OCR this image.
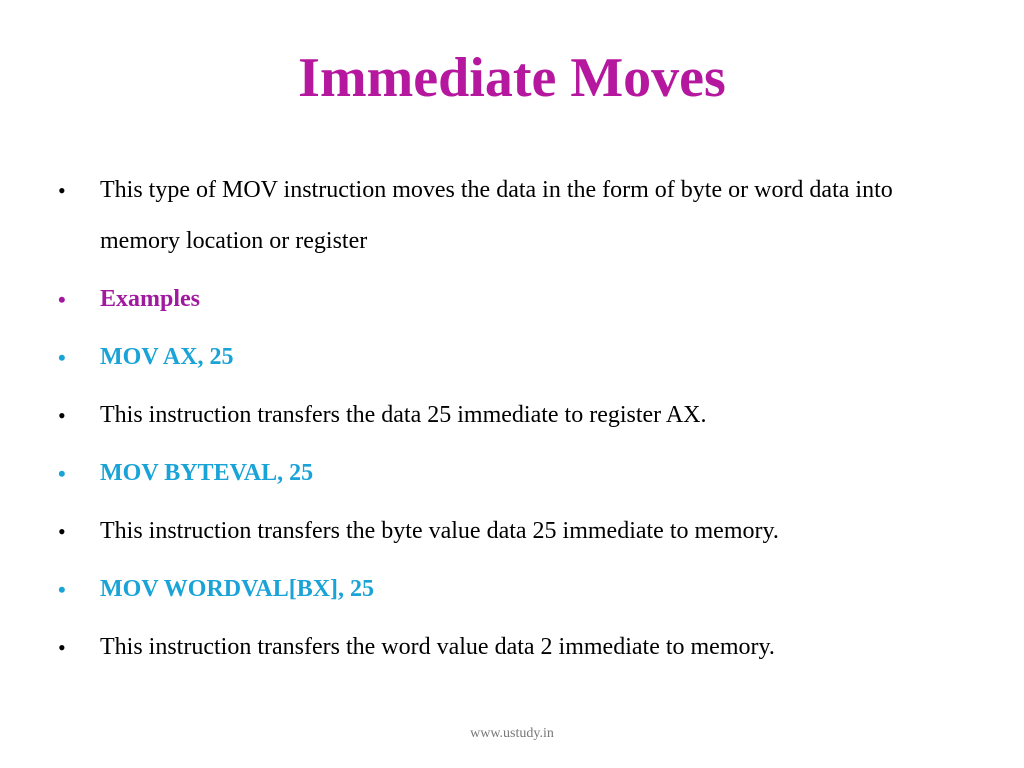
Immediate Moves
•	This type of MOV instruction moves the data in the form of byte or word data into memory location or register
•	Examples
•	MOV AX, 25
•	This instruction transfers the data 25 immediate to register AX.
•	MOV BYTEVAL, 25
•	This instruction transfers the byte value data 25 immediate to memory.
•	MOV WORDVAL[BX], 25
•	This instruction transfers the word value data 2 immediate to memory.
www.ustudy.in
